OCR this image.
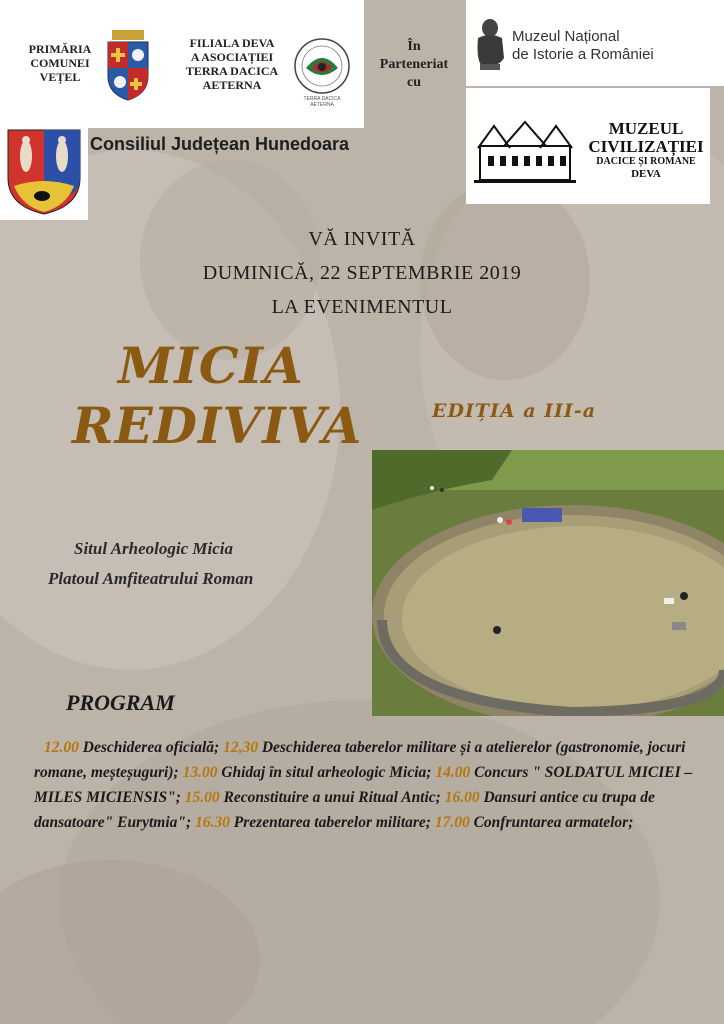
PRIMĂRIA
COMUNEI
VEȚEL
FILIALA DEVA
A ASOCIAȚIEI
TERRA DACICA
AETERNA
TERRA DACICA AETERNA
În
Parteneriat
cu
Muzeul Național
de Istorie a României
Consiliul Județean Hunedoara
MUZEUL
CIVILIZAȚIEI
DACICE ȘI ROMANE
DEVA
VĂ INVITĂ
DUMINICĂ, 22 SEPTEMBRIE 2019
LA EVENIMENTUL
MICIA
REDIVIVA	EDIȚIA a III-a
Situl Arheologic Micia
Platoul Amfiteatrului Roman
PROGRAM
12.00 Deschiderea oficială; 12,30 Deschiderea taberelor militare și a atelierelor (gastronomie, jocuri romane, meșteșuguri); 13.00 Ghidaj în situl arheologic Micia; 14.00 Concurs " SOLDATUL MICIEI – MILES MICIENSIS"; 15.00 Reconstituire a unui Ritual Antic; 16.00 Dansuri antice cu trupa de dansatoare" Eurytmia"; 16.30 Prezentarea taberelor militare; 17.00 Confruntarea armatelor;
